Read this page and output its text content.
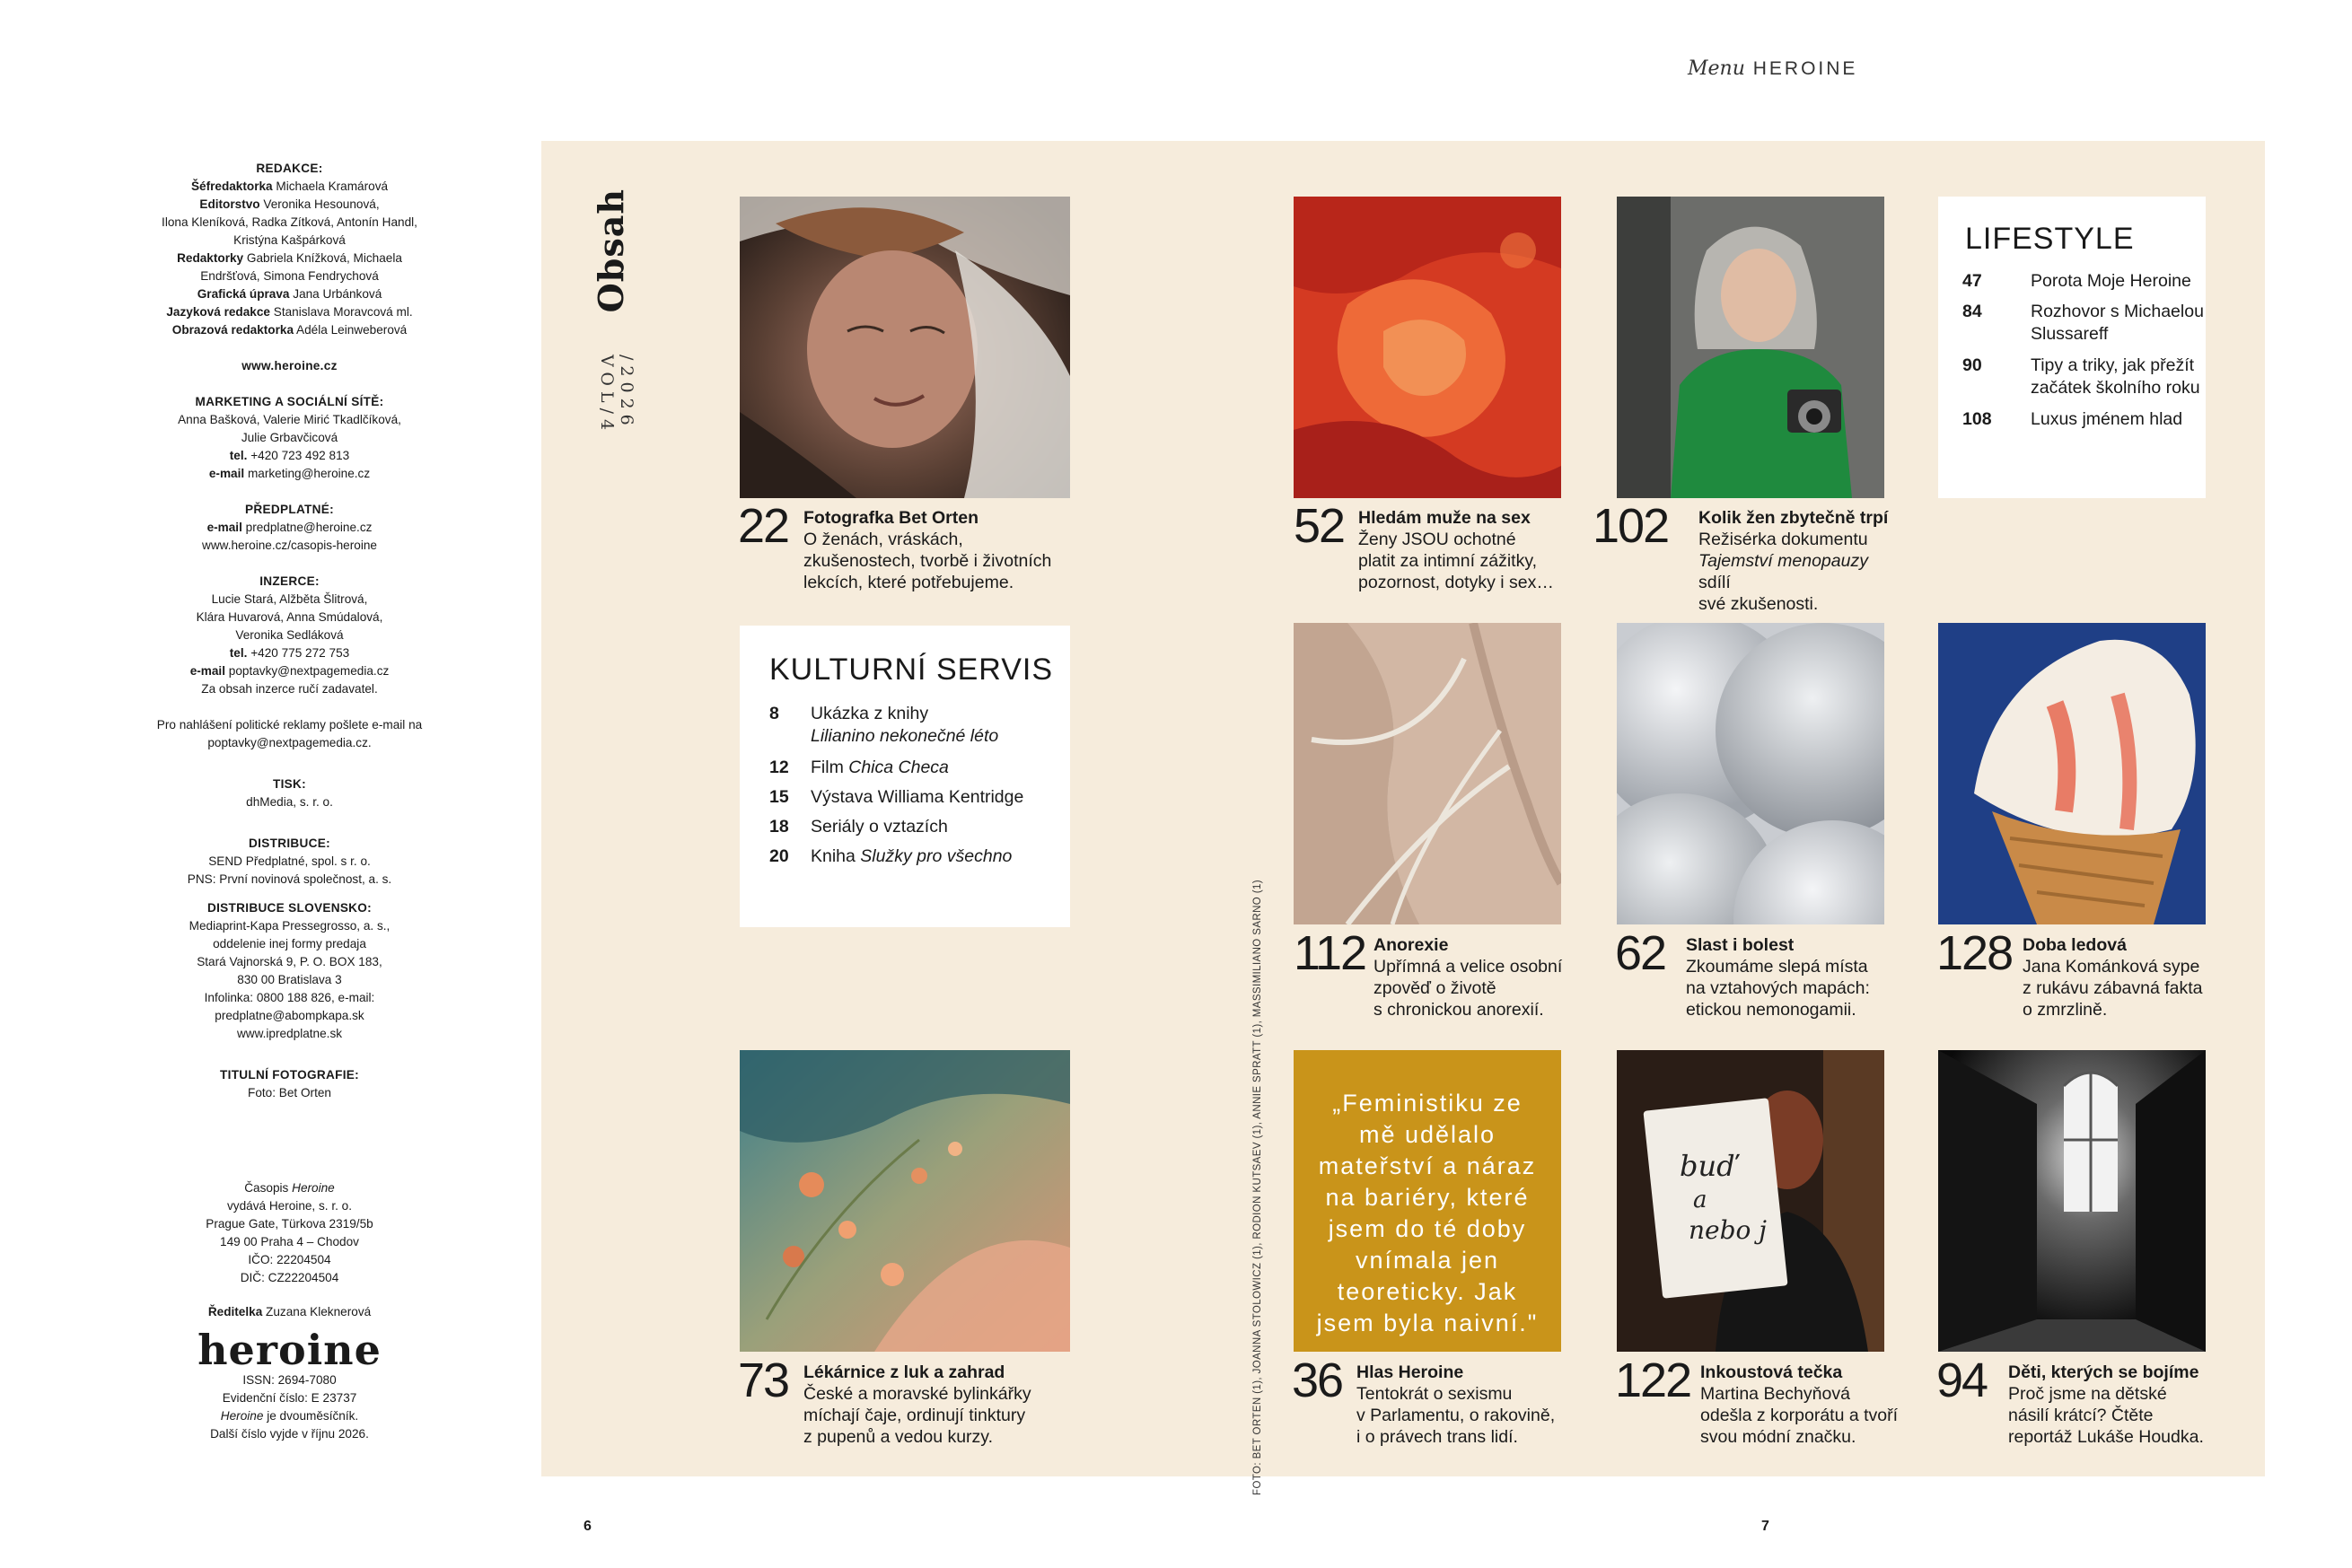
Menu HEROINE

REDAKCE:

Šéfredaktorka Michaela Kramárová

Editorstvo Veronika Hesounová,

Ilona Kleníková, Radka Zítková, Antonín Handl,

Kristýna Kašpárková

Redaktorky Gabriela Knížková, Michaela

Endršťová, Simona Fendrychová

Grafická úprava Jana Urbánková

Jazyková redakce Stanislava Moravcová ml.

Obrazová redaktorka Adéla Leinweberová

www.heroine.cz

MARKETING A SOCIÁLNÍ SÍTĚ:

Anna Bašková, Valerie Mirić Tkadlčíková,

Julie Grbavčicová

tel. +420 723 492 813

e-mail marketing@heroine.cz

PŘEDPLATNÉ:

e-mail predplatne@heroine.cz

www.heroine.cz/casopis-heroine

INZERCE:

Lucie Stará, Alžběta Šlitrová,

Klára Huvarová, Anna Smúdalová,

Veronika Sedláková

tel. +420 775 272 753

e-mail poptavky@nextpagemedia.cz

Za obsah inzerce ručí zadavatel.

Pro nahlášení politické reklamy pošlete e-mail na

poptavky@nextpagemedia.cz.

TISK:

dhMedia, s. r. o.

DISTRIBUCE:

SEND Předplatné, spol. s r. o.

PNS: První novinová společnost, a. s.

DISTRIBUCE SLOVENSKO:

Mediaprint-Kapa Pressegrosso, a. s.,

oddelenie inej formy predaja

Stará Vajnorská 9, P. O. BOX 183,

830 00 Bratislava 3

Infolinka: 0800 188 826, e-mail:

predplatne@abompkapa.sk

www.ipredplatne.sk

TITULNÍ FOTOGRAFIE:

Foto: Bet Orten

Časopis Heroine

vydává Heroine, s. r. o.

Prague Gate, Türkova 2319/5b

149 00 Praha 4 – Chodov

IČO: 22204504

DIČ: CZ22204504

Ředitelka Zuzana Kleknerová

heroine

ISSN: 2694-7080

Evidenční číslo: E 23737

Heroine je dvouměsíčník.

Další číslo vyjde v říjnu 2026.

Obsah
VOL/4 /2026
FOTO: BET ORTEN (1), JOANNA STOLOWICZ (1), RODION KUTSAEV (1), ANNIE SPRATT (1), MASSIMILIANO SARNO (1)
LIFESTYLE
47	Porota Moje Heroine
84	Rozhovor s Michaelou
Slussareff
90	Tipy a triky, jak přežít
začátek školního roku
108 Luxus jménem hlad
22 Fotografka Bet Orten
O ženách, vráskách,
zkušenostech, tvorbě i životních
lekcích, které potřebujeme.
52 Hledám muže na sex
Ženy JSOU ochotné
platit za intimní zážitky,
pozornost, dotyky i sex…
102 Kolik žen zbytečně trpí
Režisérka dokumentu
Tajemství menopauzy sdílí
své zkušenosti.
KULTURNÍ SERVIS
8 Ukázka z knihy
Lilianino nekonečné léto
12 Film Chica Checa
15 Výstava Williama Kentridge
18 Seriály o vztazích
20 Kniha Služky pro všechno
112 Anorexie
Upřímná a velice osobní
zpověď o životě
s chronickou anorexií.
62 Slast i bolest
Zkoumáme slepá místa
na vztahových mapách:
etickou nemonogamii.
128 Doba ledová
Jana Kománková sype
z rukávu zábavná fakta
o zmrzlině.
„Feministiku ze mě udělalo mateřství a náraz na bariéry, které jsem do té doby vnímala jen teoreticky. Jak jsem byla naivní."
buď
a
nebo j
73 Lékárnice z luk a zahrad
České a moravské bylinkářky
míchají čaje, ordinují tinktury
z pupenů a vedou kurzy.
36 Hlas Heroine
Tentokrát o sexismu
v Parlamentu, o rakovině,
i o právech trans lidí.
122 Inkoustová tečka
Martina Bechyňová
odešla z korporátu a tvoří
svou módní značku.
94 Děti, kterých se bojíme
Proč jsme na dětské
násilí krátcí? Čtěte
reportáž Lukáše Houdka.
6	7
